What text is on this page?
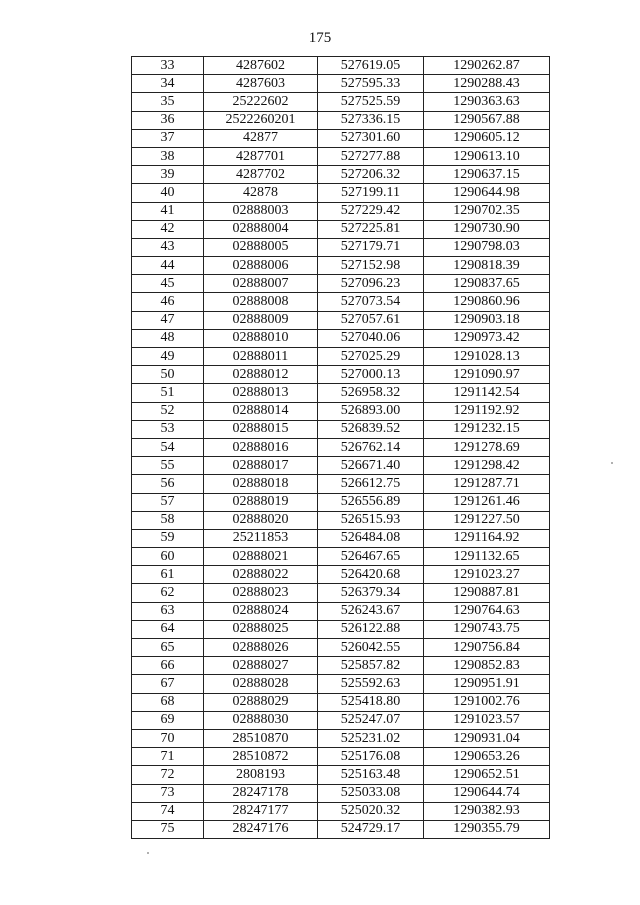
175
33	4287602	527619.05	1290262.87
34	4287603	527595.33	1290288.43
35	25222602	527525.59	1290363.63
36	2522260201	527336.15	1290567.88
37	42877	527301.60	1290605.12
38	4287701	527277.88	1290613.10
39	4287702	527206.32	1290637.15
40	42878	527199.11	1290644.98
41	02888003	527229.42	1290702.35
42	02888004	527225.81	1290730.90
43	02888005	527179.71	1290798.03
44	02888006	527152.98	1290818.39
45	02888007	527096.23	1290837.65
46	02888008	527073.54	1290860.96
47	02888009	527057.61	1290903.18
48	02888010	527040.06	1290973.42
49	02888011	527025.29	1291028.13
50	02888012	527000.13	1291090.97
51	02888013	526958.32	1291142.54
52	02888014	526893.00	1291192.92
53	02888015	526839.52	1291232.15
54	02888016	526762.14	1291278.69
55	02888017	526671.40	1291298.42
56	02888018	526612.75	1291287.71
57	02888019	526556.89	1291261.46
58	02888020	526515.93	1291227.50
59	25211853	526484.08	1291164.92
60	02888021	526467.65	1291132.65
61	02888022	526420.68	1291023.27
62	02888023	526379.34	1290887.81
63	02888024	526243.67	1290764.63
64	02888025	526122.88	1290743.75
65	02888026	526042.55	1290756.84
66	02888027	525857.82	1290852.83
67	02888028	525592.63	1290951.91
68	02888029	525418.80	1291002.76
69	02888030	525247.07	1291023.57
70	28510870	525231.02	1290931.04
71	28510872	525176.08	1290653.26
72	2808193	525163.48	1290652.51
73	28247178	525033.08	1290644.74
74	28247177	525020.32	1290382.93
75	28247176	524729.17	1290355.79
